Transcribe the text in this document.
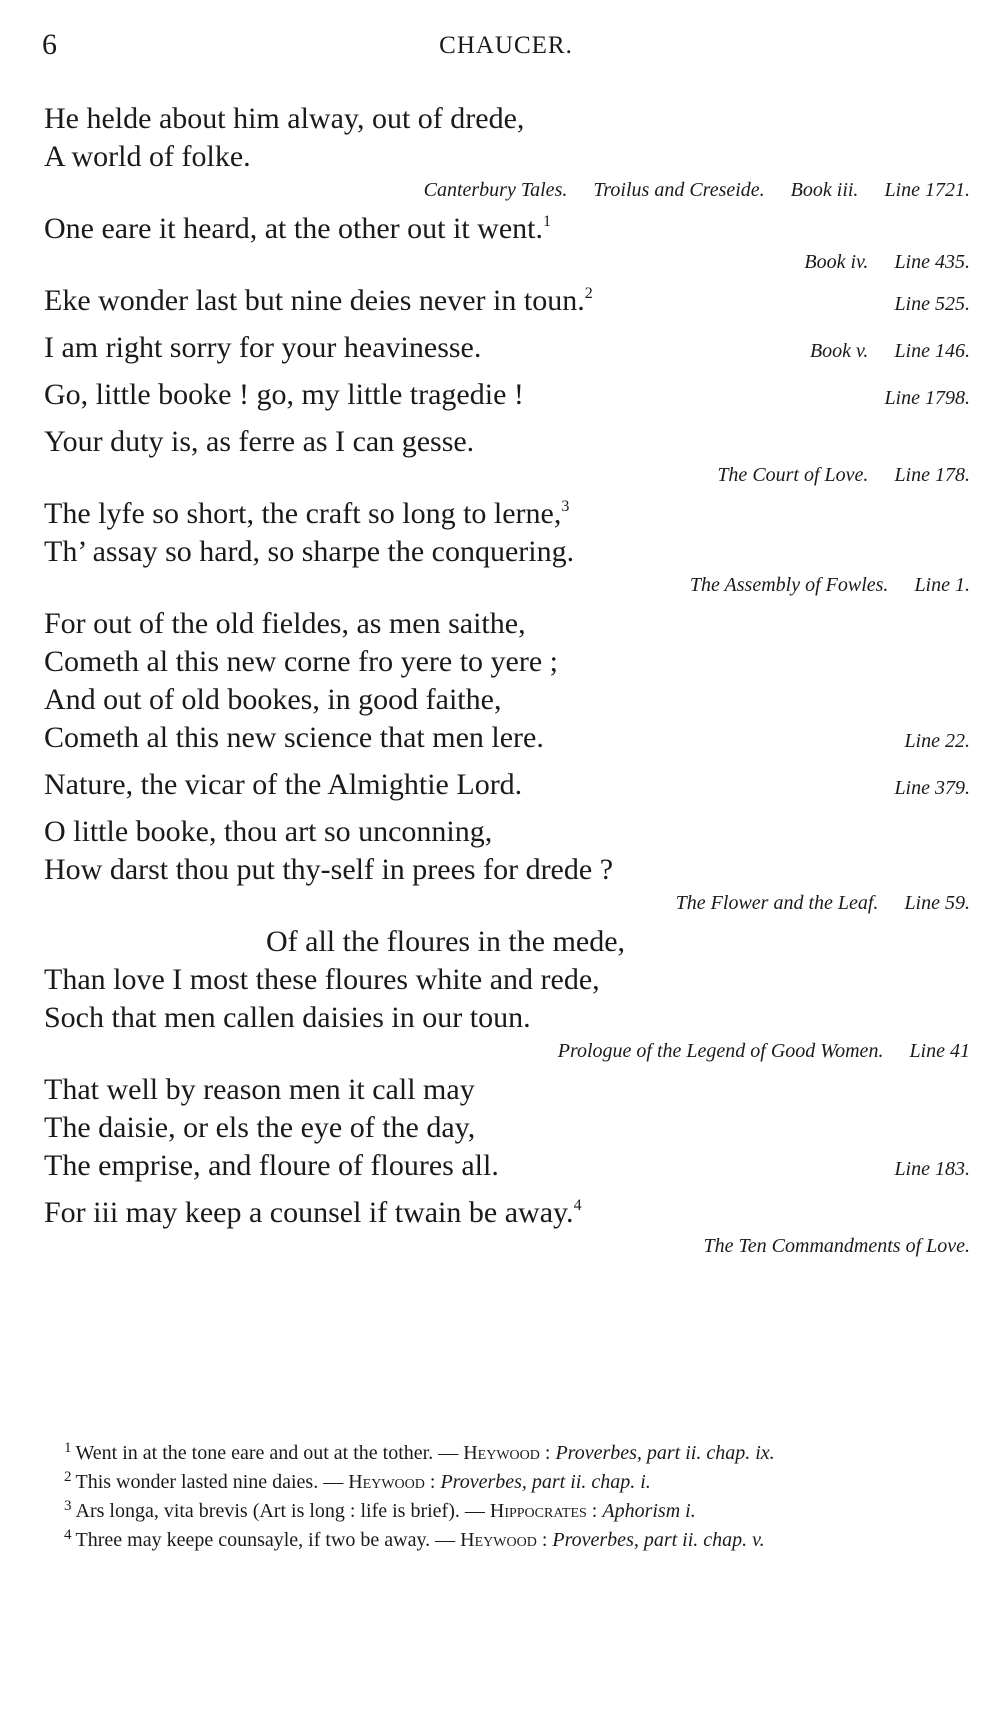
6	CHAUCER.
He helde about him alway, out of drede,
A world of folke.
Canterbury Tales. Troilus and Creseide. Book iii. Line 1721.
One eare it heard, at the other out it went.$^1$
Book iv. Line 435.
Eke wonder last but nine deies never in toun.$^2$	Line 525.
I am right sorry for your heavinesse.	Book v. Line 146.
Go, little booke ! go, my little tragedie !	Line 1798.
Your duty is, as ferre as I can gesse.
The Court of Love. Line 178.
The lyfe so short, the craft so long to lerne,$^3$
Th’ assay so hard, so sharpe the conquering.
The Assembly of Fowles. Line 1.
For out of the old fieldes, as men saithe,
Cometh al this new corne fro yere to yere ;
And out of old bookes, in good faithe,
Cometh al this new science that men lere.	Line 22.
Nature, the vicar of the Almightie Lord.	Line 379.
O little booke, thou art so unconning,
How darst thou put thy-self in prees for drede ?
The Flower and the Leaf. Line 59.
Of all the floures in the mede,
Than love I most these floures white and rede,
Soch that men callen daisies in our toun.
Prologue of the Legend of Good Women. Line 41
That well by reason men it call may
The daisie, or els the eye of the day,
The emprise, and floure of floures all.	Line 183.
For iii may keep a counsel if twain be away.$^4$
The Ten Commandments of Love.
$^1$ Went in at the tone eare and out at the tother. — Heywood : Proverbes, part ii. chap. ix.
$^2$ This wonder lasted nine daies. — Heywood : Proverbes, part ii. chap. i.
$^3$ Ars longa, vita brevis (Art is long : life is brief). — Hippocrates : Aphorism i.
$^4$ Three may keepe counsayle, if two be away. — Heywood : Proverbes, part ii. chap. v.
